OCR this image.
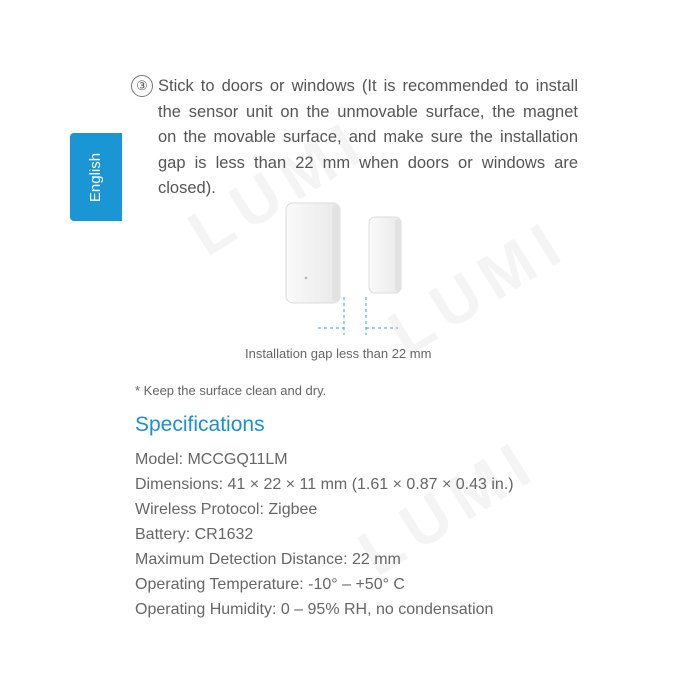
English
③ Stick to doors or windows (It is recommended to install
the sensor unit on the unmovable surface, the magnet
on the movable surface, and make sure the installation
gap is less than 22 mm when doors or windows are
closed).
Installation gap less than 22 mm
* Keep the surface clean and dry.
Specifications
Model: MCCGQ11LM
Dimensions: 41 × 22 × 11 mm (1.61 × 0.87 × 0.43 in.)
Wireless Protocol: Zigbee
Battery: CR1632
Maximum Detection Distance: 22 mm
Operating Temperature: -10° – +50° C
Operating Humidity: 0 – 95% RH, no condensation
